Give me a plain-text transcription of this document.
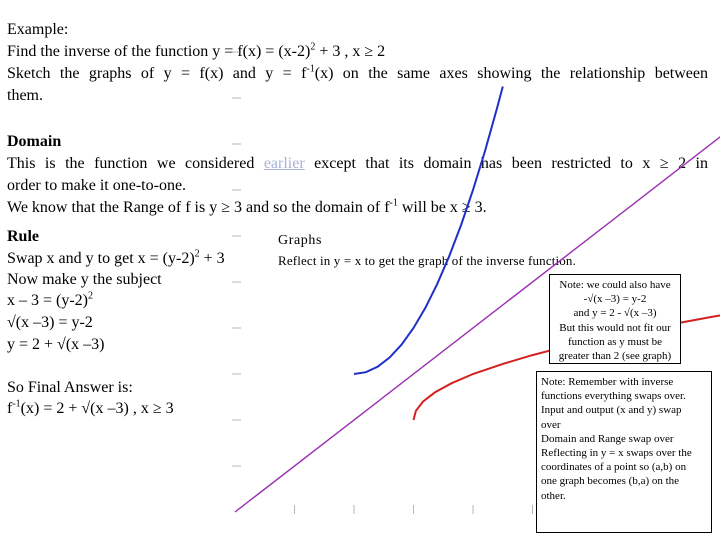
Example:
Find the inverse of the function $y = f(x) = (x-2)^2 + 3$ , x ≥ 2
Sketch the graphs of y = f(x) and $y = f^{-1}(x)$ on the same axes showing the relationship between
them.
Domain
This is the function we considered earlier except that its domain has been restricted to x ≥ 2 in
order to make it one-to-one.
We know that the Range of f is y ≥ 3 and so the domain of $f^{-1}$ will be x ≥ 3.
Rule
Swap x and y to get $x = (y-2)^2 + 3$
Now make y the subject
$x - 3 = (y-2)^2$
√(x –3) = y-2
y = 2 + √(x –3)
So Final Answer is:
$f^{-1}(x) = 2 + √(x$ –3) , x ≥ 3
Graphs
Reflect in y = x to get the graph of the inverse function.
Note: we could also have
-√(x –3) = y-2
and y = 2 - √(x –3)
But this would not fit our
function as y must be
greater than 2 (see graph)
Note: Remember with inverse
functions everything swaps over.
Input and output (x and y) swap
over
Domain and Range swap over
Reflecting in y = x swaps over the
coordinates of a point so (a,b) on
one graph becomes (b,a) on the
other.
